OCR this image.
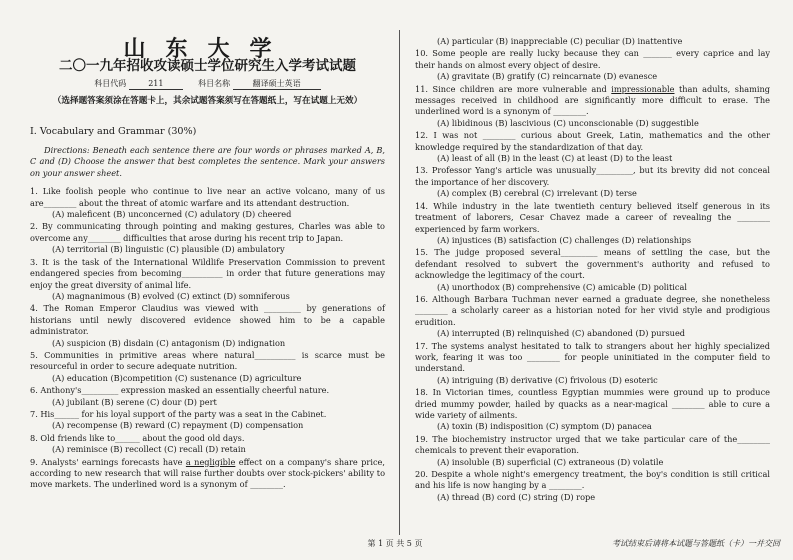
山东大学
二〇一九年招收攻读硕士学位研究生入学考试试题
科目代码	211	科目名称	翻译硕士英语
（选择题答案须涂在答题卡上，其余试题答案须写在答题纸上，写在试题上无效）
I. Vocabulary and Grammar (30%)

Directions: Beneath each sentence there are four words or phrases marked A, B, C and (D) Choose the answer that best completes the sentence. Mark your answers on your answer sheet.

1. Like foolish people who continue to live near an active volcano, many of us are________ about the threat of atomic warfare and its attendant destruction.

(A) maleficent (B) unconcerned (C) adulatory (D) cheered

2. By communicating through pointing and making gestures, Charles was able to overcome any________ difficulties that arose during his recent trip to Japan.

(A) territorial (B) linguistic (C) plausible (D) ambulatory

3. It is the task of the International Wildlife Preservation Commission to prevent endangered species from becoming__________ in order that future generations may enjoy the great diversity of animal life.

(A) magnanimous (B) evolved (C) extinct (D) somniferous

4. The Roman Emperor Claudius was viewed with _________ by generations of historians until newly discovered evidence showed him to be a capable administrator.

(A) suspicion (B) disdain (C) antagonism (D) indignation

5. Communities in primitive areas where natural__________ is scarce must be resourceful in order to secure adequate nutrition.

(A) education (B)competition (C) sustenance (D) agriculture

6. Anthony's_________ expression masked an essentially cheerful nature.

(A) jubilant (B) serene (C) dour (D) pert

7. His______ for his loyal support of the party was a seat in the Cabinet.

(A) recompense (B) reward (C) repayment (D) compensation

8. Old friends like to______ about the good old days.

(A) reminisce (B) recollect (C) recall (D) retain

9. Analysts' earnings forecasts have a negligible effect on a company's share price, according to new research that will raise further doubts over stock-pickers' ability to move markets. The underlined word is a synonym of ________.

(A) particular (B) inappreciable (C) peculiar (D) inattentive

10. Some people are really lucky because they can _______ every caprice and lay their hands on almost every object of desire.

(A) gravitate (B) gratify (C) reincarnate (D) evanesce

11. Since children are more vulnerable and impressionable than adults, shaming messages received in childhood are significantly more difficult to erase. The underlined word is a synonym of ________.

(A) libidinous (B) lascivious (C) unconscionable (D) suggestible

12. I was not ________ curious about Greek, Latin, mathematics and the other knowledge required by the standardization of that day.

(A) least of all (B) in the least (C) at least (D) to the least

13. Professor Yang's article was unusually_________, but its brevity did not conceal the importance of her discovery.

(A) complex (B) cerebral (C) irrelevant (D) terse

14. While industry in the late twentieth century believed itself generous in its treatment of laborers, Cesar Chavez made a career of revealing the ________ experienced by farm workers.

(A) injustices (B) satisfaction (C) challenges (D) relationships

15. The judge proposed several_________ means of settling the case, but the defendant resolved to subvert the government's authority and refused to acknowledge the legitimacy of the court.

(A) unorthodox (B) comprehensive (C) amicable (D) political

16. Although Barbara Tuchman never earned a graduate degree, she nonetheless ________ a scholarly career as a historian noted for her vivid style and prodigious erudition.

(A) interrupted (B) relinquished (C) abandoned (D) pursued

17. The systems analyst hesitated to talk to strangers about her highly specialized work, fearing it was too ________ for people uninitiated in the computer field to understand.

(A) intriguing (B) derivative (C) frivolous (D) esoteric

18. In Victorian times, countless Egyptian mummies were ground up to produce dried mummy powder, hailed by quacks as a near-magical ________ able to cure a wide variety of ailments.

(A) toxin (B) indisposition (C) symptom (D) panacea

19. The biochemistry instructor urged that we take particular care of the________ chemicals to prevent their evaporation.

(A) insoluble (B) superficial (C) extraneous (D) volatile

20. Despite a whole night's emergency treatment, the boy's condition is still critical and his life is now hanging by a ________.

(A) thread (B) cord (C) string (D) rope

第 1 页 共 5 页	考试结束后请将本试题与答题纸（卡）一并交回
